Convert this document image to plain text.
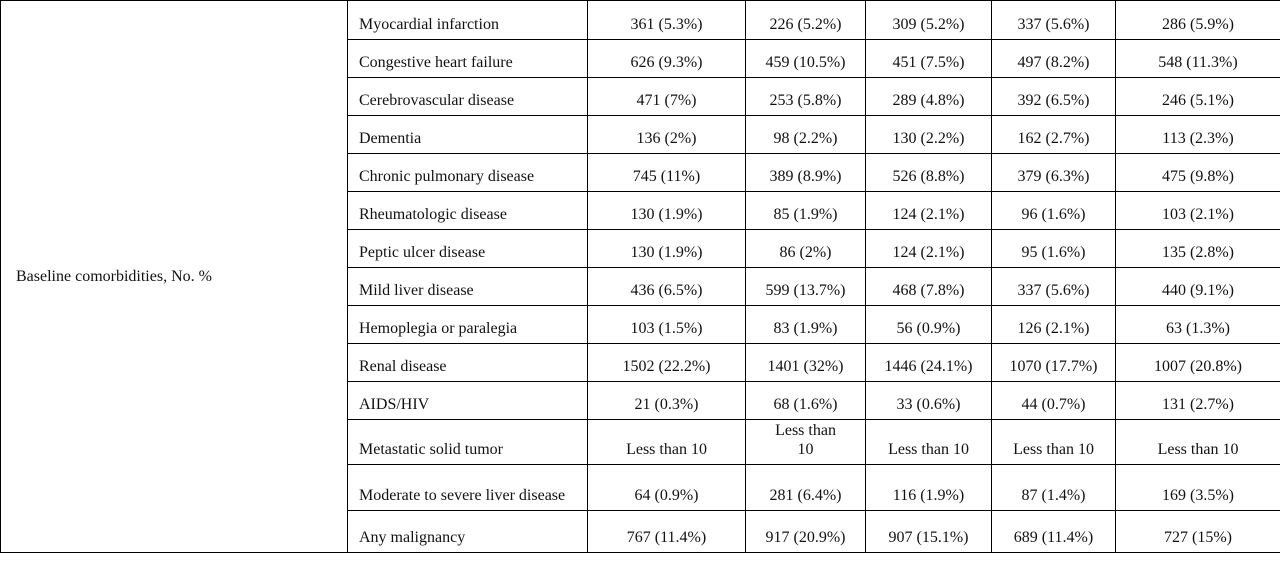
Baseline comorbidities, No. %	Myocardial infarction	361 (5.3%)	226 (5.2%)	309 (5.2%)	337 (5.6%)	286 (5.9%)
	Congestive heart failure	626 (9.3%)	459 (10.5%)	451 (7.5%)	497 (8.2%)	548 (11.3%)
	Cerebrovascular disease	471 (7%)	253 (5.8%)	289 (4.8%)	392 (6.5%)	246 (5.1%)
	Dementia	136 (2%)	98 (2.2%)	130 (2.2%)	162 (2.7%)	113 (2.3%)
	Chronic pulmonary disease	745 (11%)	389 (8.9%)	526 (8.8%)	379 (6.3%)	475 (9.8%)
	Rheumatologic disease	130 (1.9%)	85 (1.9%)	124 (2.1%)	96 (1.6%)	103 (2.1%)
	Peptic ulcer disease	130 (1.9%)	86 (2%)	124 (2.1%)	95 (1.6%)	135 (2.8%)
	Mild liver disease	436 (6.5%)	599 (13.7%)	468 (7.8%)	337 (5.6%)	440 (9.1%)
	Hemoplegia or paralegia	103 (1.5%)	83 (1.9%)	56 (0.9%)	126 (2.1%)	63 (1.3%)
	Renal disease	1502 (22.2%)	1401 (32%)	1446 (24.1%)	1070 (17.7%)	1007 (20.8%)
	AIDS/HIV	21 (0.3%)	68 (1.6%)	33 (0.6%)	44 (0.7%)	131 (2.7%)
	Metastatic solid tumor	Less than 10	Less than 10	Less than 10	Less than 10	Less than 10
	Moderate to severe liver disease	64 (0.9%)	281 (6.4%)	116 (1.9%)	87 (1.4%)	169 (3.5%)
	Any malignancy	767 (11.4%)	917 (20.9%)	907 (15.1%)	689 (11.4%)	727 (15%)
